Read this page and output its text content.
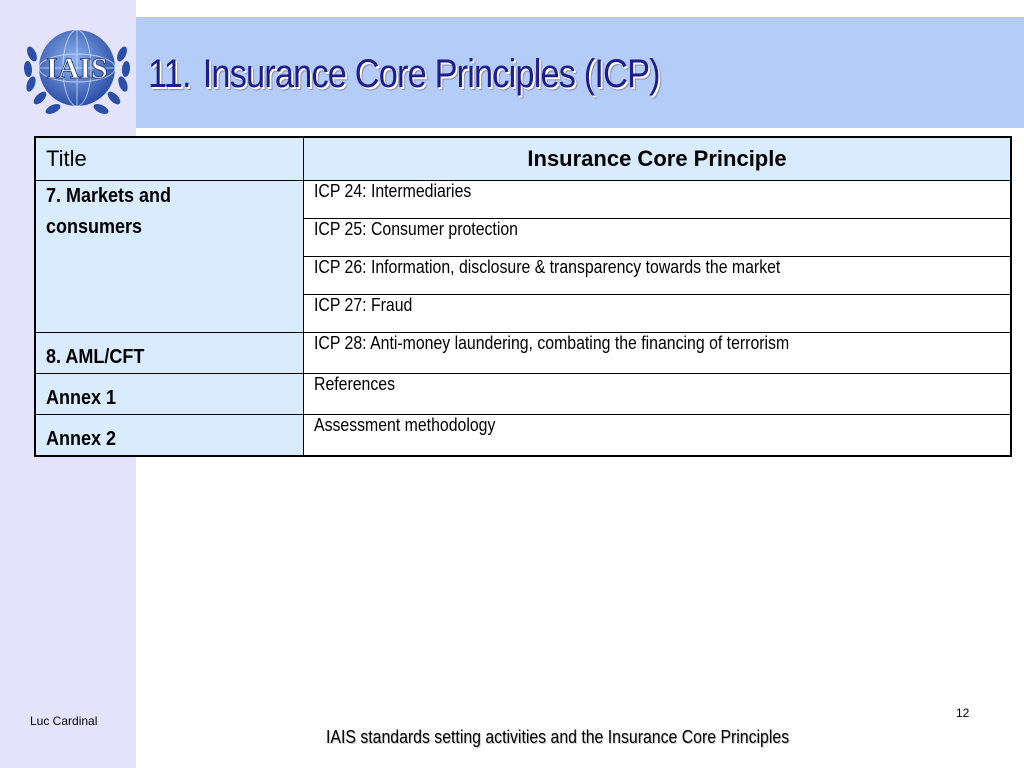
IAIS 11. Insurance Core Principles (ICP)
Title	Insurance Core Principle
7. Markets and consumers	ICP 24: Intermediaries
	ICP 25: Consumer protection
	ICP 26: Information, disclosure & transparency towards the market
	ICP 27: Fraud
8. AML/CFT	ICP 28: Anti-money laundering, combating the financing of terrorism
Annex 1	References
Annex 2	Assessment methodology
Luc Cardinal
12
IAIS standards setting activities and the Insurance Core Principles
